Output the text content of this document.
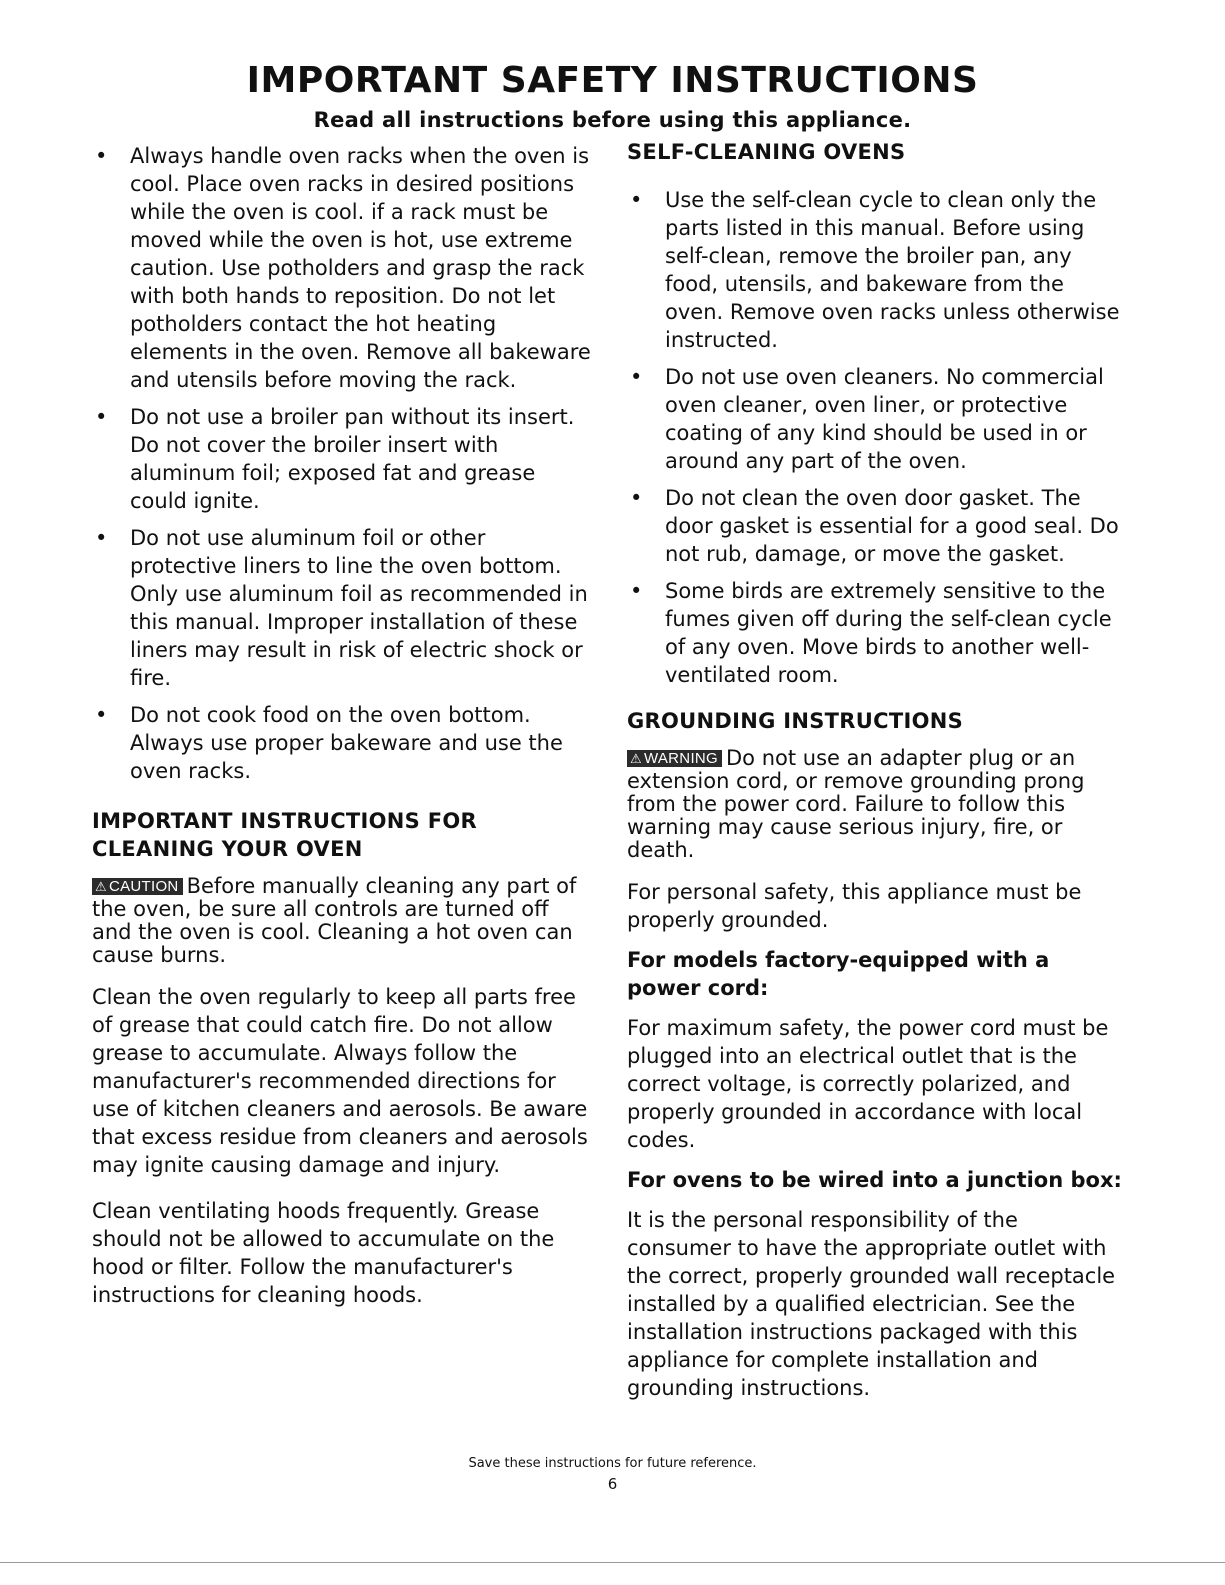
IMPORTANT SAFETY INSTRUCTIONS
Read all instructions before using this appliance.
• Always handle oven racks when the oven is cool. Place oven racks in desired positions while the oven is cool. if a rack must be moved while the oven is hot, use extreme caution. Use potholders and grasp the rack with both hands to reposition. Do not let potholders contact the hot heating elements in the oven. Remove all bakeware and utensils before moving the rack.
• Do not use a broiler pan without its insert. Do not cover the broiler insert with aluminum foil; exposed fat and grease could ignite.
• Do not use aluminum foil or other protective liners to line the oven bottom. Only use aluminum foil as recommended in this manual. Improper installation of these liners may result in risk of electric shock or fire.
• Do not cook food on the oven bottom. Always use proper bakeware and use the oven racks.
IMPORTANT INSTRUCTIONS FOR CLEANING YOUR OVEN

⚠ CAUTION Before manually cleaning any part of the oven, be sure all controls are turned off and the oven is cool. Cleaning a hot oven can cause burns.

Clean the oven regularly to keep all parts free of grease that could catch fire. Do not allow grease to accumulate. Always follow the manufacturer's recommended directions for use of kitchen cleaners and aerosols. Be aware that excess residue from cleaners and aerosols may ignite causing damage and injury.

Clean ventilating hoods frequently. Grease should not be allowed to accumulate on the hood or filter. Follow the manufacturer's instructions for cleaning hoods.

SELF-CLEANING OVENS
• Use the self-clean cycle to clean only the parts listed in this manual. Before using self-clean, remove the broiler pan, any food, utensils, and bakeware from the oven. Remove oven racks unless otherwise instructed.
• Do not use oven cleaners. No commercial oven cleaner, oven liner, or protective coating of any kind should be used in or around any part of the oven.
• Do not clean the oven door gasket. The door gasket is essential for a good seal. Do not rub, damage, or move the gasket.
• Some birds are extremely sensitive to the fumes given off during the self-clean cycle of any oven. Move birds to another well-ventilated room.
GROUNDING INSTRUCTIONS

⚠ WARNING Do not use an adapter plug or an extension cord, or remove grounding prong from the power cord. Failure to follow this warning may cause serious injury, fire, or death.

For personal safety, this appliance must be properly grounded.

For models factory-equipped with a power cord:

For maximum safety, the power cord must be plugged into an electrical outlet that is the correct voltage, is correctly polarized, and properly grounded in accordance with local codes.

For ovens to be wired into a junction box:

It is the personal responsibility of the consumer to have the appropriate outlet with the correct, properly grounded wall receptacle installed by a qualified electrician. See the installation instructions packaged with this appliance for complete installation and grounding instructions.

Save these instructions for future reference.
6
